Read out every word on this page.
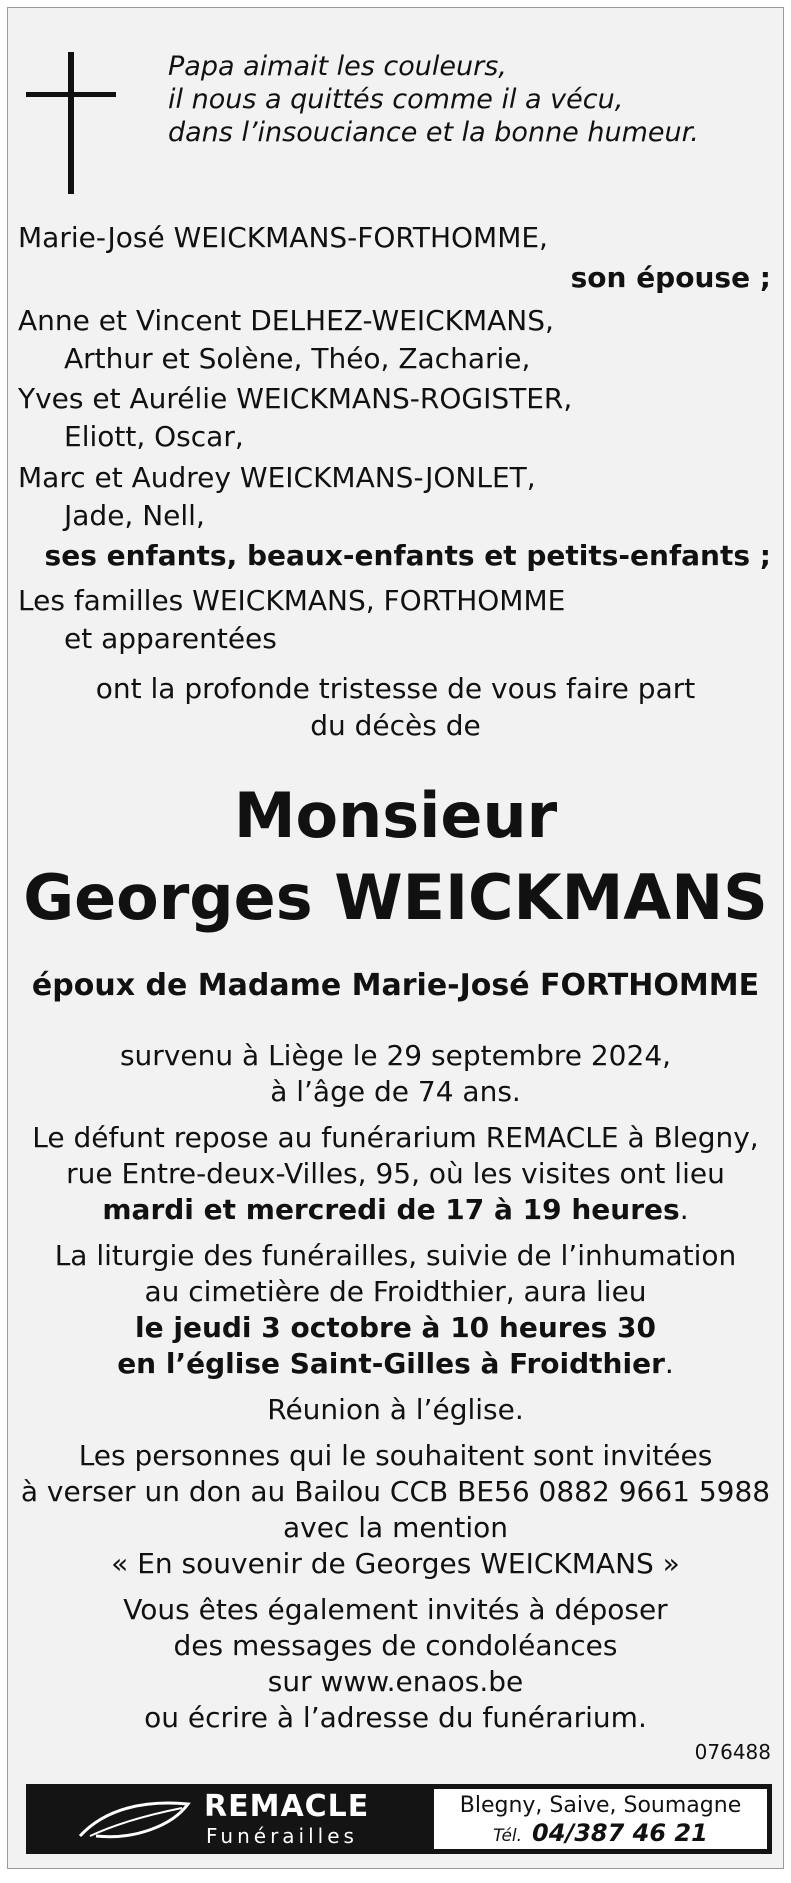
Papa aimait les couleurs,
il nous a quittés comme il a vécu,
dans l’insouciance et la bonne humeur.
Marie-José WEICKMANS-FORTHOMME,
son épouse ;
Anne et Vincent DELHEZ-WEICKMANS,
Arthur et Solène, Théo, Zacharie,
Yves et Aurélie WEICKMANS-ROGISTER,
Eliott, Oscar,
Marc et Audrey WEICKMANS-JONLET,
Jade, Nell,
ses enfants, beaux-enfants et petits-enfants ;
Les familles WEICKMANS, FORTHOMME
et apparentées
ont la profonde tristesse de vous faire part
du décès de
Monsieur
Georges WEICKMANS
époux de Madame Marie-José FORTHOMME
survenu à Liège le 29 septembre 2024,
à l’âge de 74 ans.
Le défunt repose au funérarium REMACLE à Blegny,
rue Entre-deux-Villes, 95, où les visites ont lieu
mardi et mercredi de 17 à 19 heures.
La liturgie des funérailles, suivie de l’inhumation
au cimetière de Froidthier, aura lieu
le jeudi 3 octobre à 10 heures 30
en l’église Saint-Gilles à Froidthier.
Réunion à l’église.
Les personnes qui le souhaitent sont invitées
à verser un don au Bailou CCB BE56 0882 9661 5988
avec la mention
« En souvenir de Georges WEICKMANS »
Vous êtes également invités à déposer
des messages de condoléances
sur www.enaos.be
ou écrire à l’adresse du funérarium.
076488
REMACLE
Funérailles
Blegny, Saive, Soumagne
Tél. 04/387 46 21
